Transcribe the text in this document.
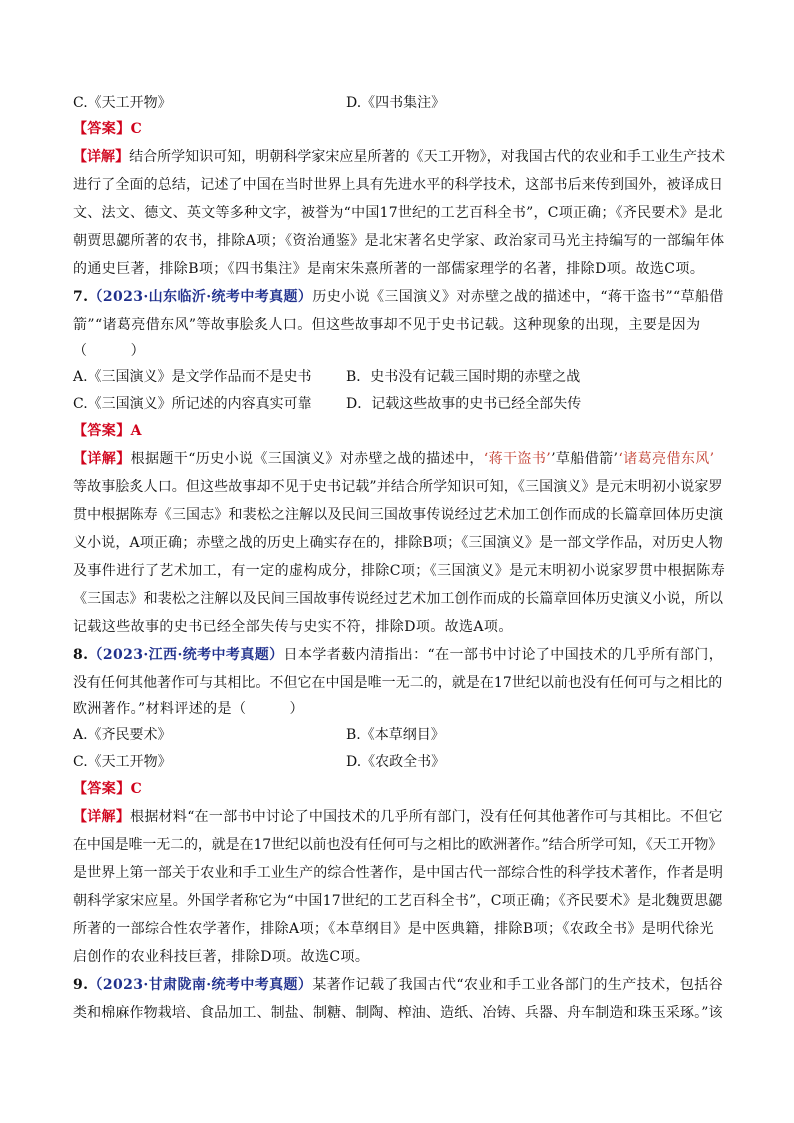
C.《天工开物》	D.《四书集注》
【答案】C
【详解】结合所学知识可知，明朝科学家宋应星所著的《天工开物》，对我国古代的农业和手工业生产技术
进行了全面的总结，记述了中国在当时世界上具有先进水平的科学技术，这部书后来传到国外，被译成日
文、法文、德文、英文等多种文字，被誉为“中国17世纪的工艺百科全书”，C项正确；《齐民要术》是北
朝贾思勰所著的农书，排除A项；《资治通鉴》是北宋著名史学家、政治家司马光主持编写的一部编年体
的通史巨著，排除B项；《四书集注》是南宋朱熹所著的一部儒家理学的名著，排除D项。故选C项。
7.（2023·山东临沂·统考中考真题）历史小说《三国演义》对赤壁之战的描述中，“蒋干盗书”“草船借
箭”“诸葛亮借东风”等故事脍炙人口。但这些故事却不见于史书记载。这种现象的出现，主要是因为
（　　　）
A.《三国演义》是文学作品而不是史书 B．史书没有记载三国时期的赤壁之战
C.《三国演义》所记述的内容真实可靠 D．记载这些故事的史书已经全部失传
【答案】A
【详解】根据题干“历史小说《三国演义》对赤壁之战的描述中，‘蒋干盗书’’草船借箭’‘诸葛亮借东风’
等故事脍炙人口。但这些故事却不见于史书记载”并结合所学知识可知，《三国演义》是元末明初小说家罗
贯中根据陈寿《三国志》和裴松之注解以及民间三国故事传说经过艺术加工创作而成的长篇章回体历史演
义小说，A项正确；赤壁之战的历史上确实存在的，排除B项；《三国演义》是一部文学作品，对历史人物
及事件进行了艺术加工，有一定的虚构成分，排除C项；《三国演义》是元末明初小说家罗贯中根据陈寿
《三国志》和裴松之注解以及民间三国故事传说经过艺术加工创作而成的长篇章回体历史演义小说，所以
记载这些故事的史书已经全部失传与史实不符，排除D项。故选A项。
8.（2023·江西·统考中考真题）日本学者薮内清指出：“在一部书中讨论了中国技术的几乎所有部门，
没有任何其他著作可与其相比。不但它在中国是唯一无二的，就是在17世纪以前也没有任何可与之相比的
欧洲著作。”材料评述的是（　　　）
A.《齐民要术》	B.《本草纲目》
C.《天工开物》	D.《农政全书》
【答案】C
【详解】根据材料“在一部书中讨论了中国技术的几乎所有部门，没有任何其他著作可与其相比。不但它
在中国是唯一无二的，就是在17世纪以前也没有任何可与之相比的欧洲著作。”结合所学可知，《天工开物》
是世界上第一部关于农业和手工业生产的综合性著作，是中国古代一部综合性的科学技术著作，作者是明
朝科学家宋应星。外国学者称它为“中国17世纪的工艺百科全书”，C项正确；《齐民要术》是北魏贾思勰
所著的一部综合性农学著作，排除A项；《本草纲目》是中医典籍，排除B项；《农政全书》是明代徐光
启创作的农业科技巨著，排除D项。故选C项。
9.（2023·甘肃陇南·统考中考真题）某著作记载了我国古代“农业和手工业各部门的生产技术，包括谷
类和棉麻作物栽培、食品加工、制盐、制糖、制陶、榨油、造纸、冶铸、兵器、舟车制造和珠玉采琢。”该
